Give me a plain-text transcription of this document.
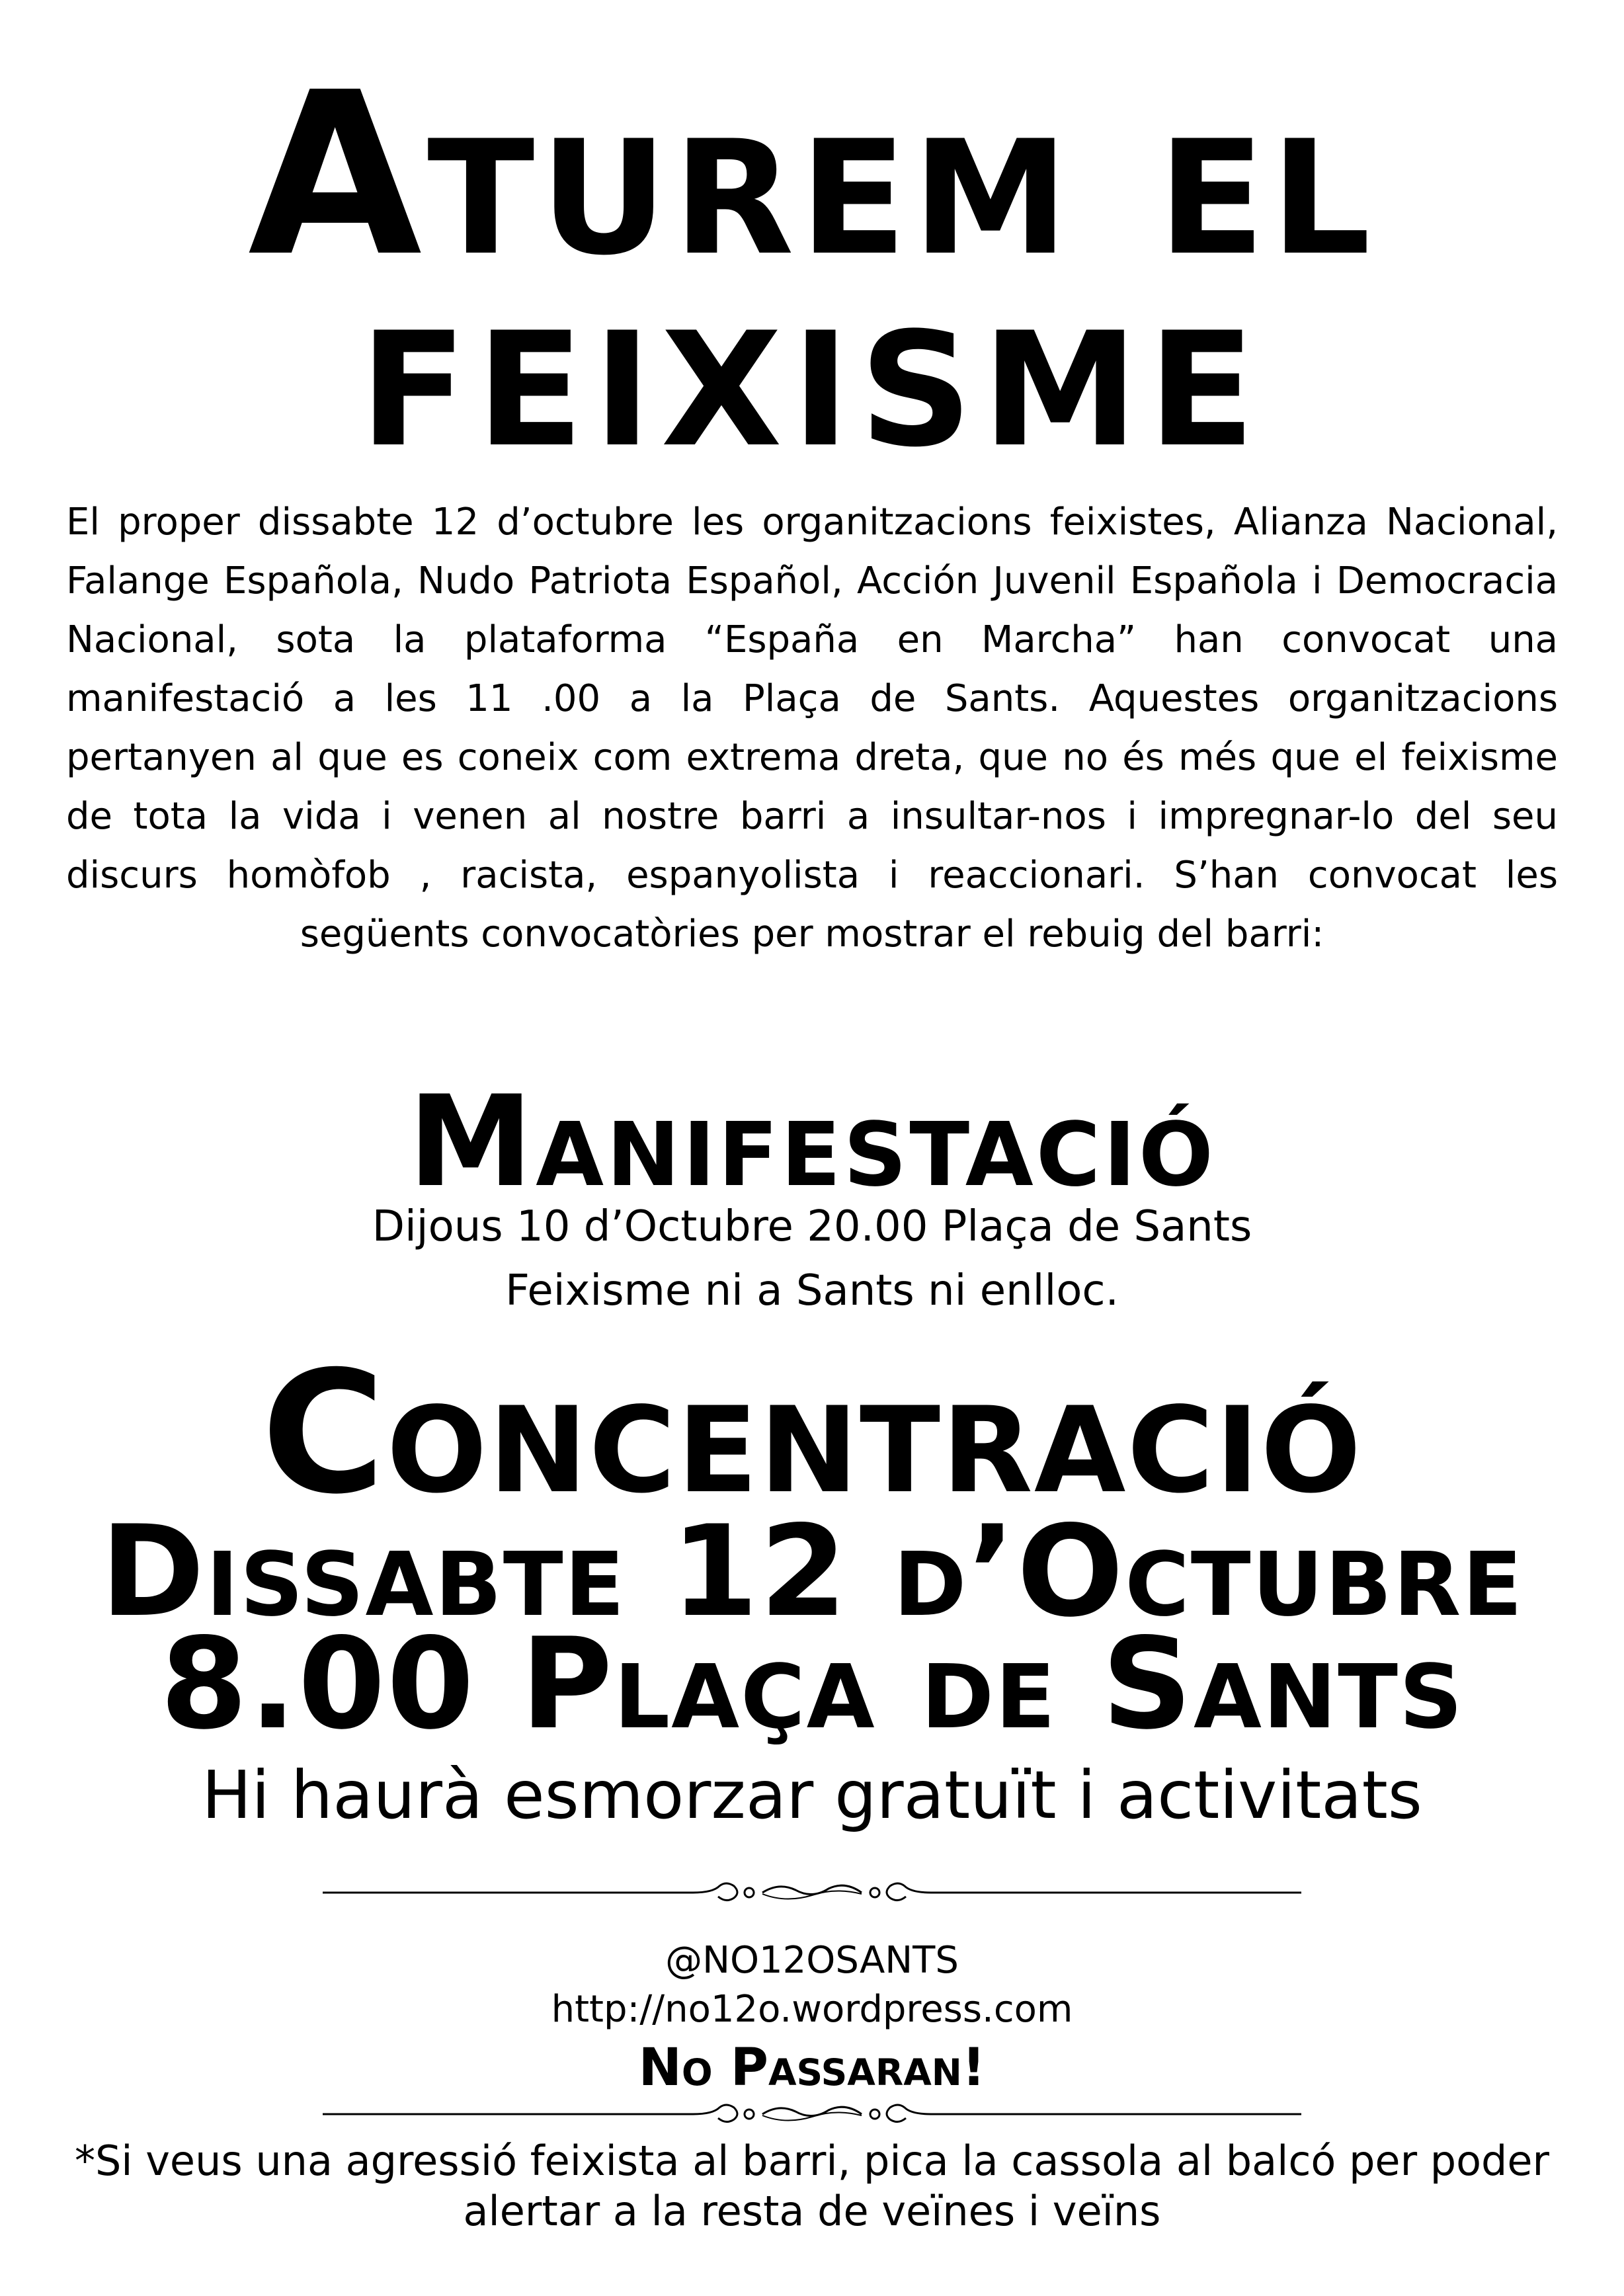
Aturem el
feixisme

El proper dissabte 12 d’octubre les organitzacions feixistes, Alianza Nacional, Falange Española, Nudo Patriota Español, Acción Juvenil Española i Democracia Nacional, sota la plataforma “España en Marcha” han convocat una manifestació a les 11 .00 a la Plaça de Sants. Aquestes organitzacions pertanyen al que es coneix com extrema dreta, que no és més que el feixisme de tota la vida i venen al nostre barri a insultar-nos i impregnar-lo del seu discurs homòfob , racista, espanyolista i reaccionari. S’han convocat les següents convocatòries per mostrar el rebuig del barri:

Manifestació

Dijous 10 d’Octubre 20.00 Plaça de Sants

Feixisme ni a Sants ni enlloc.

Concentració
Dissabte 12 d’Octubre
8.00 Plaça de Sants

Hi haurà esmorzar gratuït i activitats

@NO12OSANTS

http://no12o.wordpress.com

No Passaran!

*Si veus una agressió feixista al barri, pica la cassola al balcó per poder alertar a la resta de veïnes i veïns
